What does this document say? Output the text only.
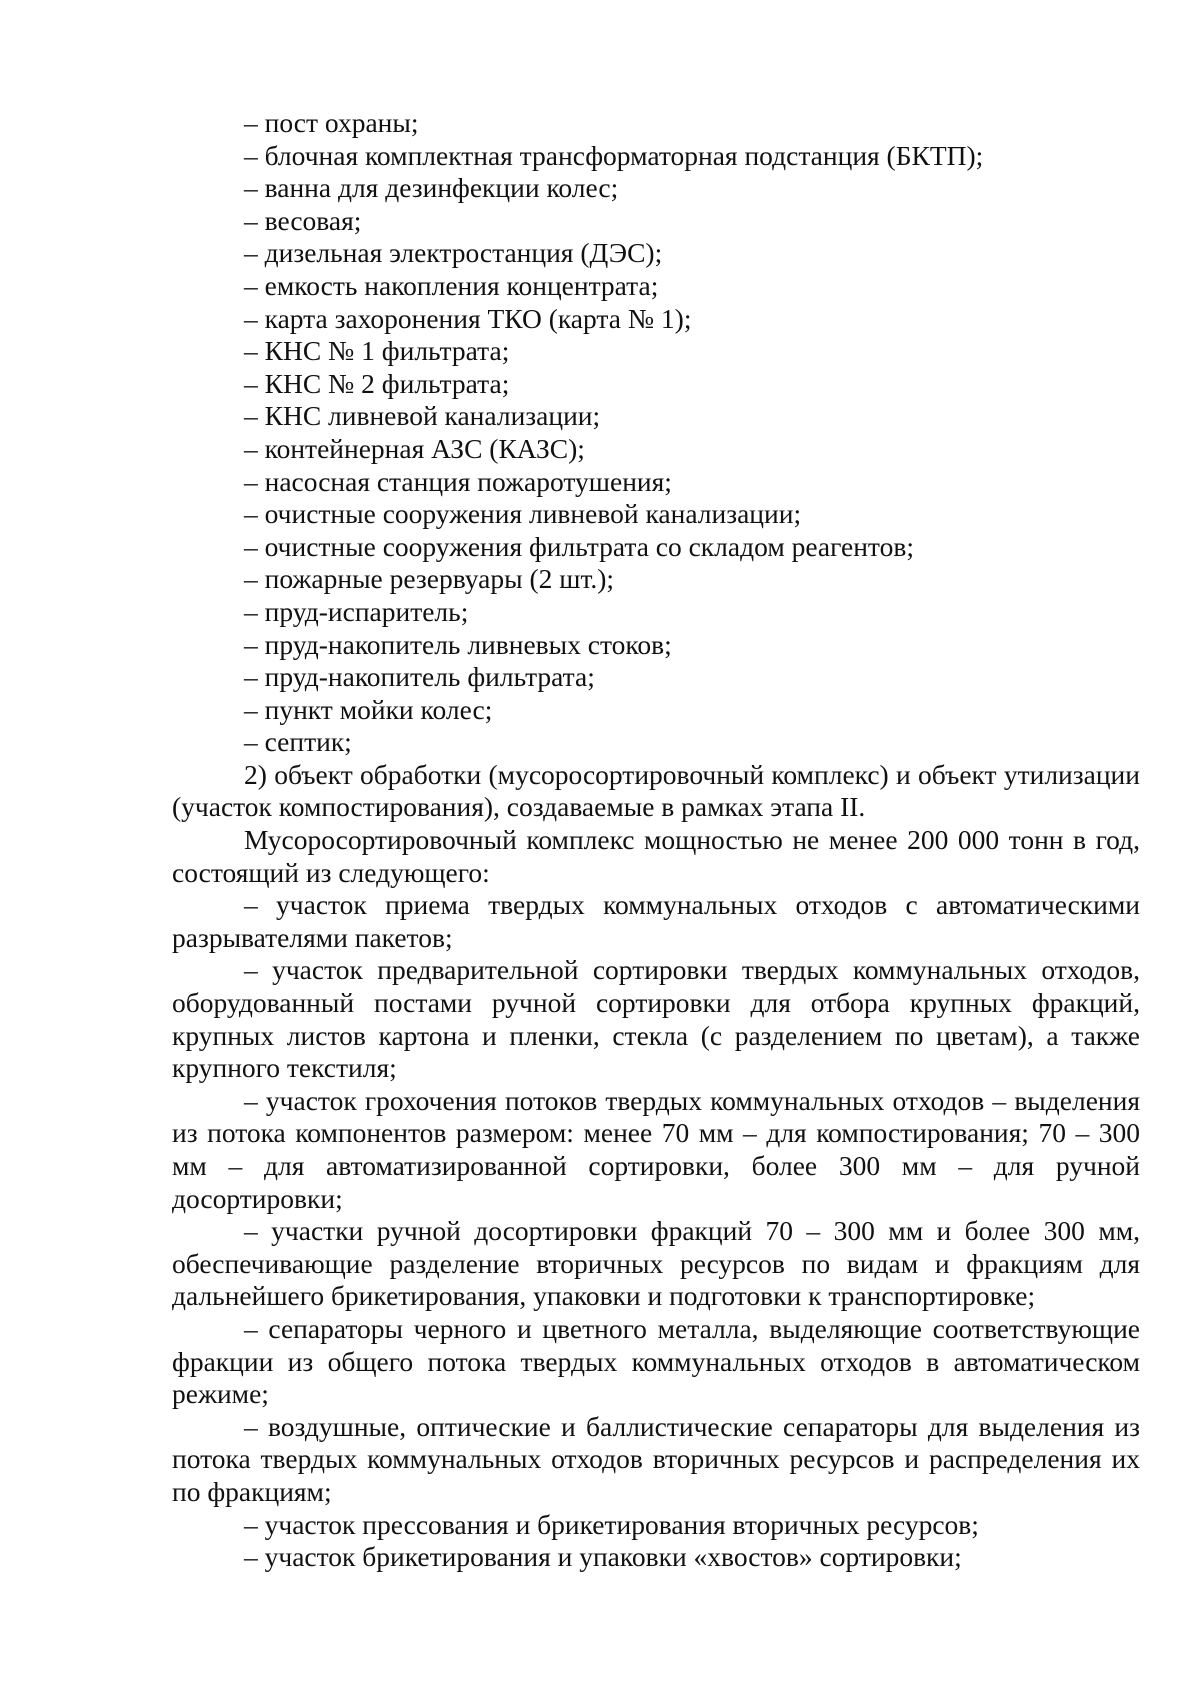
– пост охраны;

– блочная комплектная трансформаторная подстанция (БКТП);

– ванна для дезинфекции колес;

– весовая;

– дизельная электростанция (ДЭС);

– емкость накопления концентрата;

– карта захоронения ТКО (карта № 1);

– КНС № 1 фильтрата;

– КНС № 2 фильтрата;

– КНС ливневой канализации;

– контейнерная АЗС (КАЗС);

– насосная станция пожаротушения;

– очистные сооружения ливневой канализации;

– очистные сооружения фильтрата со складом реагентов;

– пожарные резервуары (2 шт.);

– пруд-испаритель;

– пруд-накопитель ливневых стоков;

– пруд-накопитель фильтрата;

– пункт мойки колес;

– септик;

2) объект обработки (мусоросортировочный комплекс) и объект утилизации (участок компостирования), создаваемые в рамках этапа II.

Мусоросортировочный комплекс мощностью не менее 200 000 тонн в год, состоящий из следующего:

– участок приема твердых коммунальных отходов с автоматическими разрывателями пакетов;

– участок предварительной сортировки твердых коммунальных отходов, оборудованный постами ручной сортировки для отбора крупных фракций, крупных листов картона и пленки, стекла (с разделением по цветам), а также крупного текстиля;

– участок грохочения потоков твердых коммунальных отходов – выделения из потока компонентов размером: менее 70 мм – для компостирования; 70 – 300 мм – для автоматизированной сортировки, более 300 мм – для ручной досортировки;

– участки ручной досортировки фракций 70 – 300 мм и более 300 мм, обеспечивающие разделение вторичных ресурсов по видам и фракциям для дальнейшего брикетирования, упаковки и подготовки к транспортировке;

– сепараторы черного и цветного металла, выделяющие соответствующие фракции из общего потока твердых коммунальных отходов в автоматическом режиме;

– воздушные, оптические и баллистические сепараторы для выделения из потока твердых коммунальных отходов вторичных ресурсов и распределения их по фракциям;

– участок прессования и брикетирования вторичных ресурсов;

– участок брикетирования и упаковки «хвостов» сортировки;
